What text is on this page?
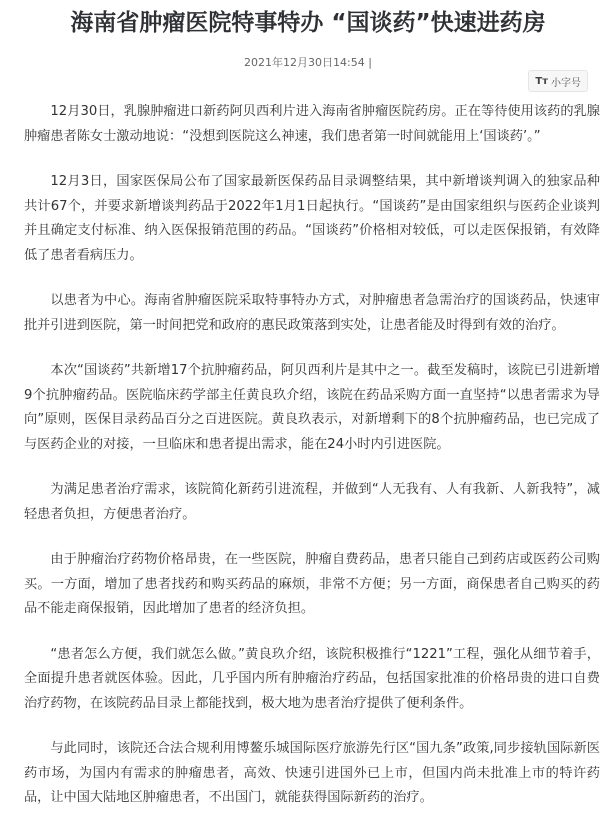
海南省肿瘤医院特事特办 “国谈药”快速进药房
2021年12月30日14:54 |
Tт 小字号

12月30日，乳腺肿瘤进口新药阿贝西利片进入海南省肿瘤医院药房。正在等待使用该药的乳腺肿瘤患者陈女士激动地说：“没想到医院这么神速，我们患者第一时间就能用上‘国谈药’。”

12月3日，国家医保局公布了国家最新医保药品目录调整结果，其中新增谈判调入的独家品种共计67个，并要求新增谈判药品于2022年1月1日起执行。“国谈药”是由国家组织与医药企业谈判并且确定支付标准、纳入医保报销范围的药品。“国谈药”价格相对较低，可以走医保报销，有效降低了患者看病压力。

以患者为中心。海南省肿瘤医院采取特事特办方式，对肿瘤患者急需治疗的国谈药品，快速审批并引进到医院，第一时间把党和政府的惠民政策落到实处，让患者能及时得到有效的治疗。

本次“国谈药”共新增17个抗肿瘤药品，阿贝西利片是其中之一。截至发稿时，该院已引进新增9个抗肿瘤药品。医院临床药学部主任黄良玖介绍，该院在药品采购方面一直坚持“以患者需求为导向”原则，医保目录药品百分之百进医院。黄良玖表示，对新增剩下的8个抗肿瘤药品，也已完成了与医药企业的对接，一旦临床和患者提出需求，能在24小时内引进医院。

为满足患者治疗需求，该院简化新药引进流程，并做到“人无我有、人有我新、人新我特”，减轻患者负担，方便患者治疗。

由于肿瘤治疗药物价格昂贵，在一些医院，肿瘤自费药品，患者只能自己到药店或医药公司购买。一方面，增加了患者找药和购买药品的麻烦，非常不方便；另一方面，商保患者自己购买的药品不能走商保报销，因此增加了患者的经济负担。

“患者怎么方便，我们就怎么做。”黄良玖介绍，该院积极推行“1221”工程，强化从细节着手，全面提升患者就医体验。因此，几乎国内所有肿瘤治疗药品，包括国家批准的价格昂贵的进口自费治疗药物，在该院药品目录上都能找到，极大地为患者治疗提供了便利条件。

与此同时，该院还合法合规利用博鳌乐城国际医疗旅游先行区“国九条”政策,同步接轨国际新医药市场，为国内有需求的肿瘤患者，高效、快速引进国外已上市，但国内尚未批准上市的特许药品，让中国大陆地区肿瘤患者，不出国门，就能获得国际新药的治疗。
